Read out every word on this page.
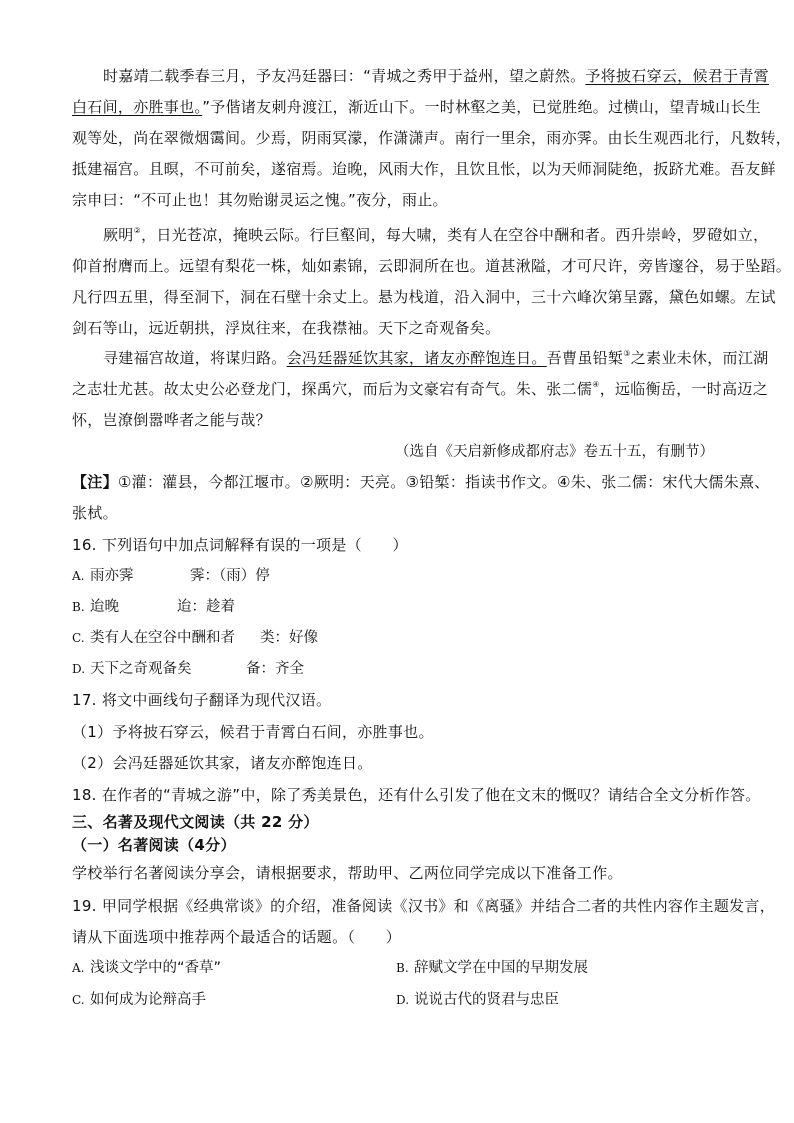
时嘉靖二载季春三月，予友冯廷器曰：“青城之秀甲于益州，望之蔚然。予将披石穿云，候君于青霄
白石间，亦胜事也。”予偕诸友刺舟渡江，渐近山下。一时林壑之美，已觉胜绝。过横山，望青城山长生
观等处，尚在翠微烟霭间。少焉，阴雨冥濛，作潇潇声。南行一里余，雨亦霁。由长生观西北行，凡数转，
抵建福宫。且暝，不可前矣，遂宿焉。迨晚，风雨大作，且饮且怅，以为天师洞陡绝，扳跻尤难。吾友鲜
宗申曰：“不可止也！其勿贻谢灵运之愧。”夜分，雨止。
厥明②，日光苍凉，掩映云际。行巨壑间，每大啸，类有人在空谷中酬和者。西升崇岭，罗磴如立，
仰首拊膺而上。远望有梨花一株，灿如素锦，云即洞所在也。道甚湫隘，才可尺许，旁皆邃谷，易于坠蹈。
凡行四五里，得至洞下，洞在石壁十余丈上。悬为栈道，沿入洞中，三十六峰次第呈露，黛色如螺。左试
剑石等山，远近朝拱，浮岚往来，在我襟袖。天下之奇观备矣。
寻建福宫故道，将谋归路。会冯廷器延饮其家，诸友亦醉饱连日。吾曹虽铅椠③之素业未休，而江湖
之志壮尤甚。故太史公必登龙门，探禹穴，而后为文豪宕有奇气。朱、张二儒④，远临衡岳，一时高迈之
怀，岂潦倒嚣哗者之能与哉？
（选自《天启新修成都府志》卷五十五，有删节）
【注】①灌：灌县，今都江堰市。②厥明：天亮。③铅椠：指读书作文。④朱、张二儒：宋代大儒朱熹、
张栻。
16. 下列语句中加点词解释有误的一项是（　　）
A. 雨亦霁	霁：（雨）停
B. 迨晚	迨：趁着
C. 类有人在空谷中酬和者 类：好像
D. 天下之奇观备矣	备：齐全
17. 将文中画线句子翻译为现代汉语。
（1）予将披石穿云，候君于青霄白石间，亦胜事也。
（2）会冯廷器延饮其家，诸友亦醉饱连日。
18. 在作者的“青城之游”中，除了秀美景色，还有什么引发了他在文末的慨叹？请结合全文分析作答。
三、名著及现代文阅读（共 22 分）
（一）名著阅读（4分）
学校举行名著阅读分享会，请根据要求，帮助甲、乙两位同学完成以下准备工作。
19. 甲同学根据《经典常谈》的介绍，准备阅读《汉书》和《离骚》并结合二者的共性内容作主题发言，
请从下面选项中推荐两个最适合的话题。（　　）
A. 浅谈文学中的“香草”	B. 辞赋文学在中国的早期发展
C. 如何成为论辩高手	D. 说说古代的贤君与忠臣
